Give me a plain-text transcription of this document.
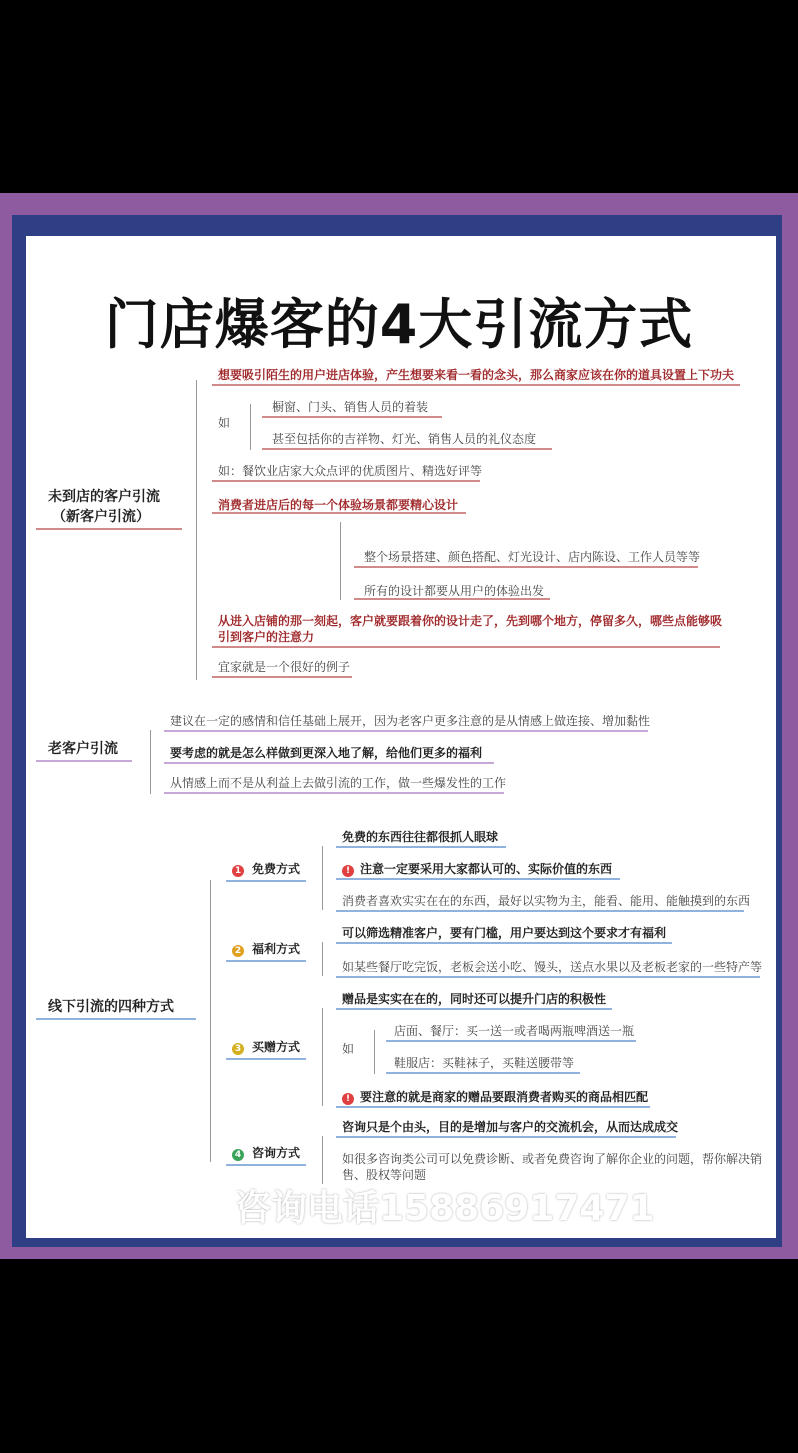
门店爆客的4大引流方式
未到店的客户引流
（新客户引流）
想要吸引陌生的用户进店体验，产生想要来看一看的念头，那么商家应该在你的道具设置上下功夫
如
橱窗、门头、销售人员的着装
甚至包括你的吉祥物、灯光、销售人员的礼仪态度
如：餐饮业店家大众点评的优质图片、精选好评等
消费者进店后的每一个体验场景都要精心设计
整个场景搭建、颜色搭配、灯光设计、店内陈设、工作人员等等
所有的设计都要从用户的体验出发
从进入店铺的那一刻起，客户就要跟着你的设计走了，先到哪个地方，停留多久，哪些点能够吸
引到客户的注意力
宜家就是一个很好的例子
老客户引流
建议在一定的感情和信任基础上展开，因为老客户更多注意的是从情感上做连接、增加黏性
要考虑的就是怎么样做到更深入地了解，给他们更多的福利
从情感上而不是从利益上去做引流的工作，做一些爆发性的工作
线下引流的四种方式
1 免费方式
免费的东西往往都很抓人眼球
! 注意一定要采用大家都认可的、实际价值的东西
消费者喜欢实实在在的东西，最好以实物为主，能看、能用、能触摸到的东西
2 福利方式
可以筛选精准客户，要有门槛，用户要达到这个要求才有福利
如某些餐厅吃完饭，老板会送小吃、馒头，送点水果以及老板老家的一些特产等
3 买赠方式
赠品是实实在在的，同时还可以提升门店的积极性
如
店面、餐厅：买一送一或者喝两瓶啤酒送一瓶
鞋服店：买鞋袜子，买鞋送腰带等
! 要注意的就是商家的赠品要跟消费者购买的商品相匹配
4 咨询方式
咨询只是个由头，目的是增加与客户的交流机会，从而达成成交
如很多咨询类公司可以免费诊断、或者免费咨询了解你企业的问题，帮你解决销
售、股权等问题
咨询电话15886917471
